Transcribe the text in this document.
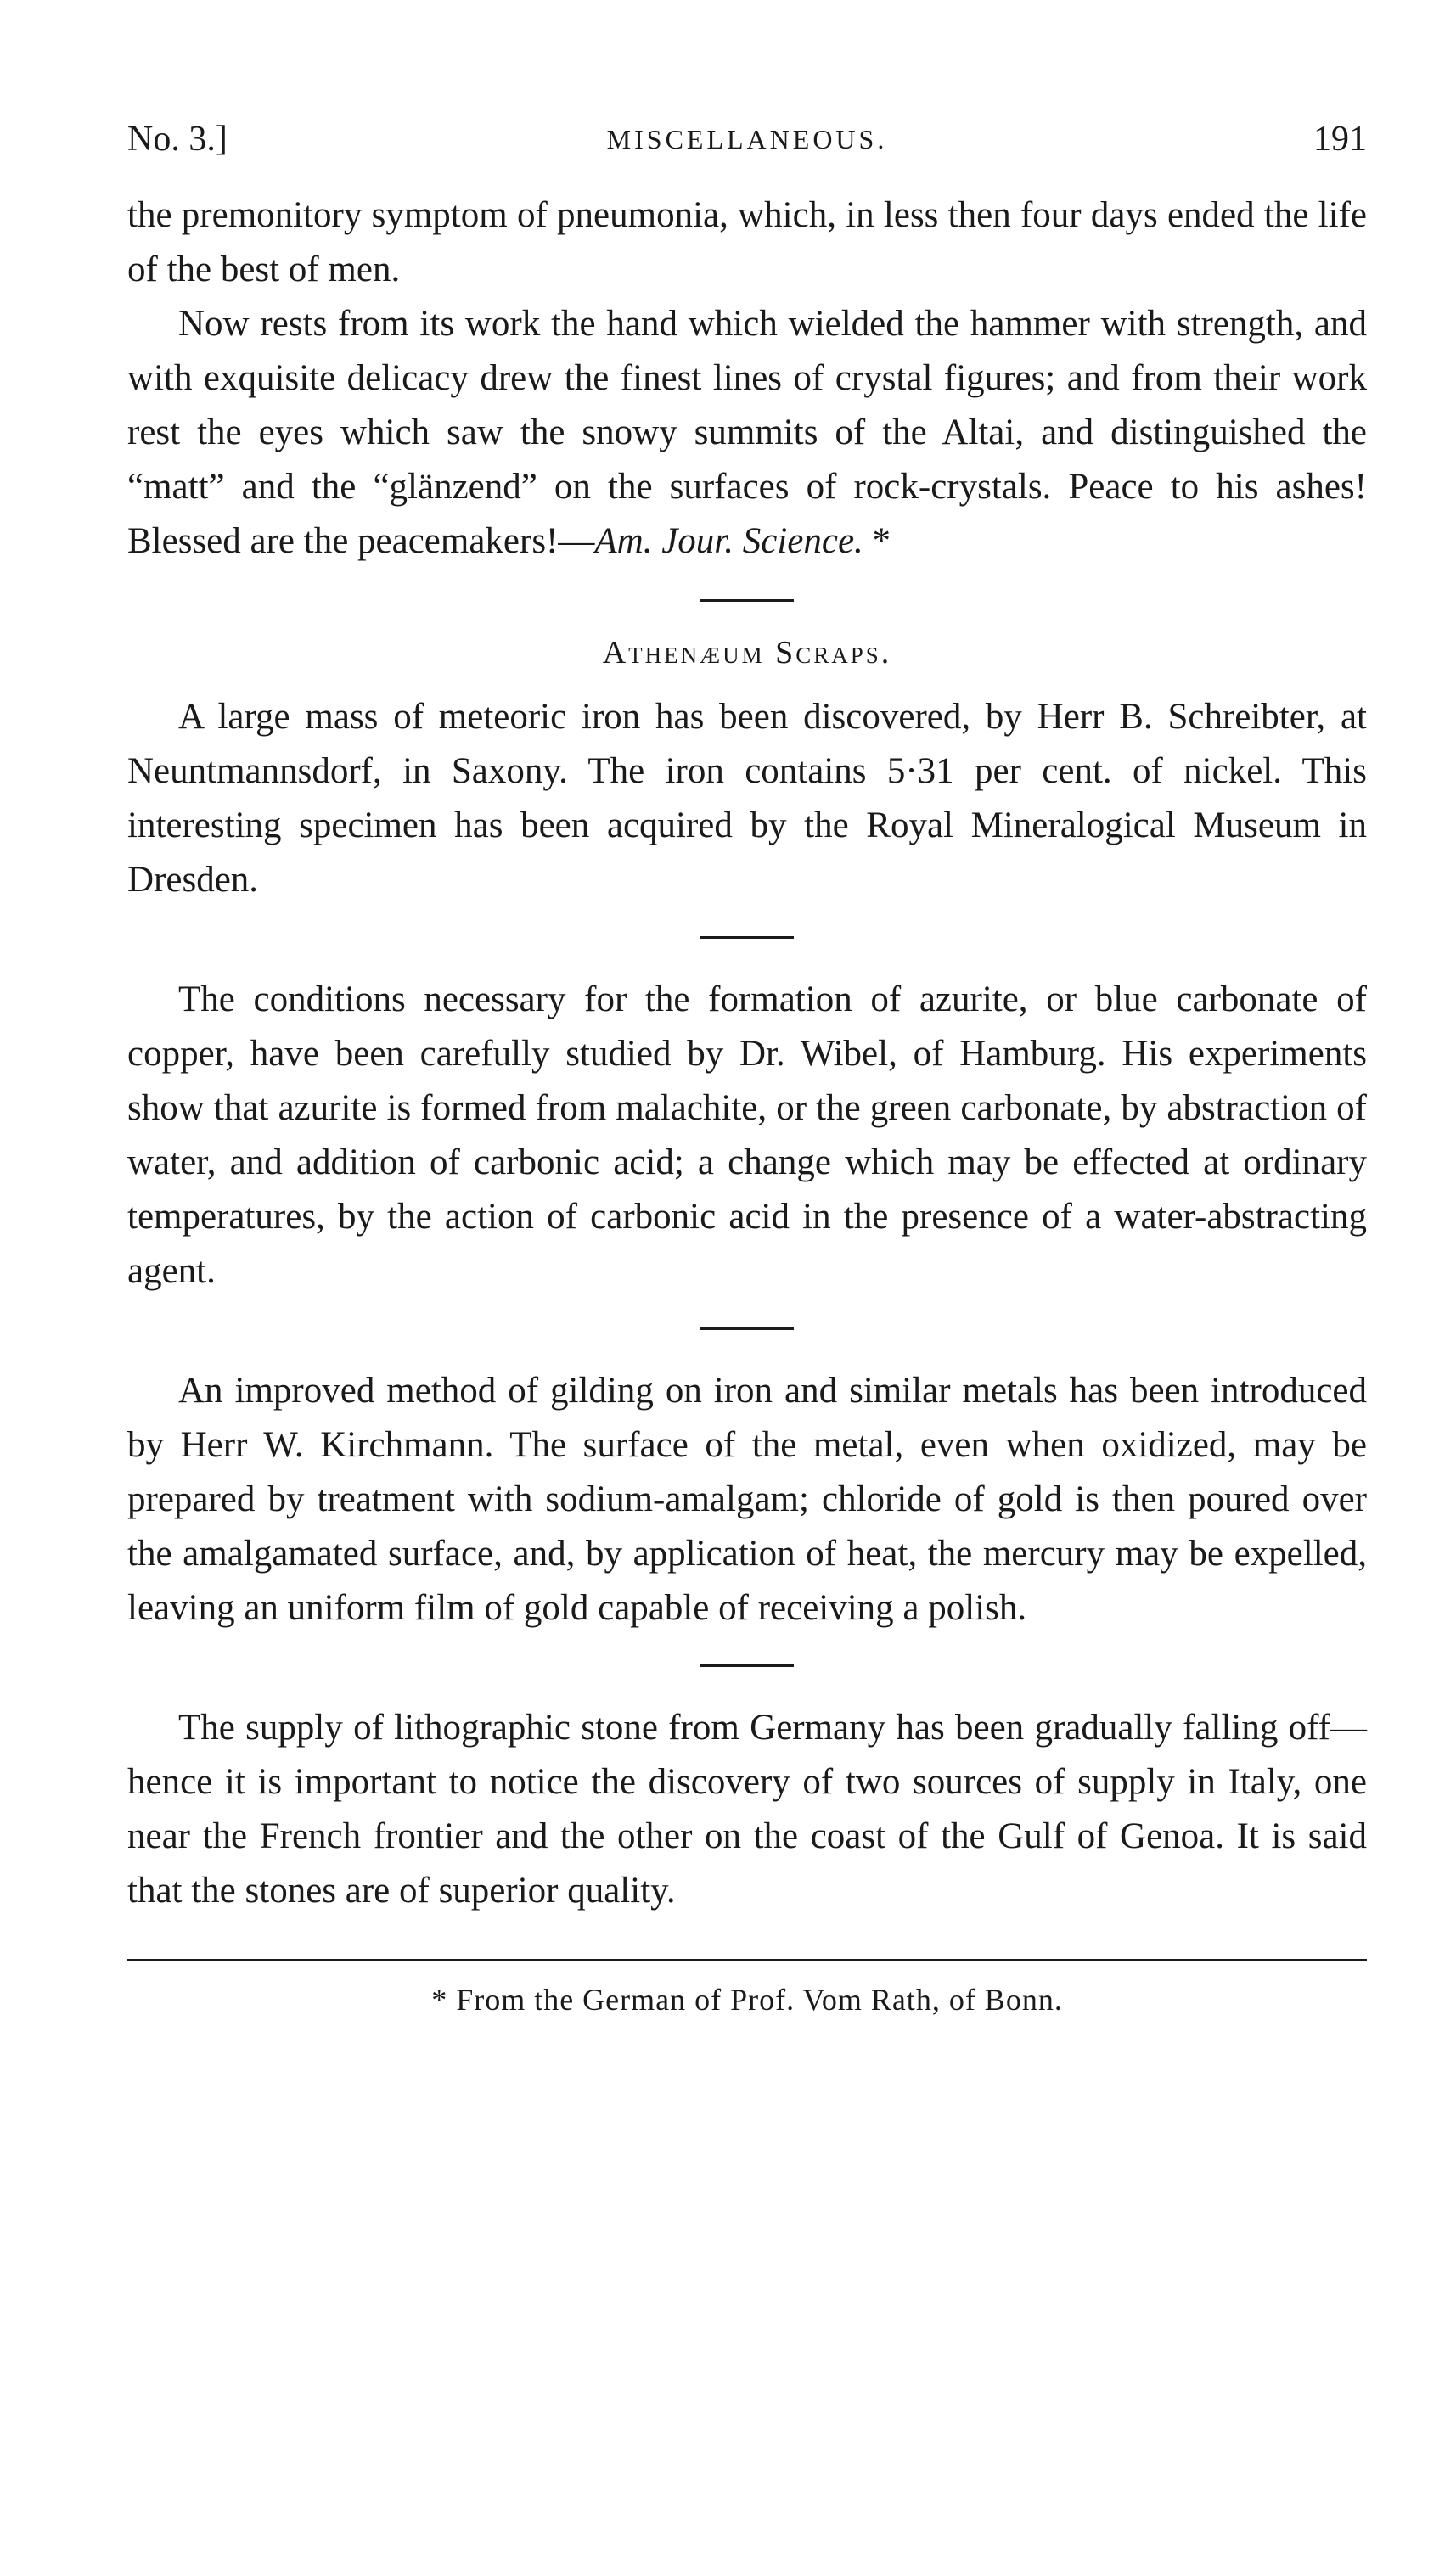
No. 3.]	MISCELLANEOUS.	191

the premonitory symptom of pneumonia, which, in less then four days ended the life of the best of men.

Now rests from its work the hand which wielded the hammer with strength, and with exquisite delicacy drew the finest lines of crystal figures; and from their work rest the eyes which saw the snowy summits of the Altai, and distinguished the “matt” and the “glänzend” on the surfaces of rock-crystals. Peace to his ashes! Blessed are the peacemakers!—Am. Jour. Science. *

Athenæum Scraps.

A large mass of meteoric iron has been discovered, by Herr B. Schreibter, at Neuntmannsdorf, in Saxony. The iron contains 5·31 per cent. of nickel. This interesting specimen has been acquired by the Royal Mineralogical Museum in Dresden.

The conditions necessary for the formation of azurite, or blue carbonate of copper, have been carefully studied by Dr. Wibel, of Hamburg. His experiments show that azurite is formed from malachite, or the green carbonate, by abstraction of water, and addition of carbonic acid; a change which may be effected at ordinary temperatures, by the action of carbonic acid in the presence of a water-abstracting agent.

An improved method of gilding on iron and similar metals has been introduced by Herr W. Kirchmann. The surface of the metal, even when oxidized, may be prepared by treatment with sodium-amalgam; chloride of gold is then poured over the amalgamated surface, and, by application of heat, the mercury may be expelled, leaving an uniform film of gold capable of receiving a polish.

The supply of lithographic stone from Germany has been gradually falling off—hence it is important to notice the discovery of two sources of supply in Italy, one near the French frontier and the other on the coast of the Gulf of Genoa. It is said that the stones are of superior quality.

* From the German of Prof. Vom Rath, of Bonn.
